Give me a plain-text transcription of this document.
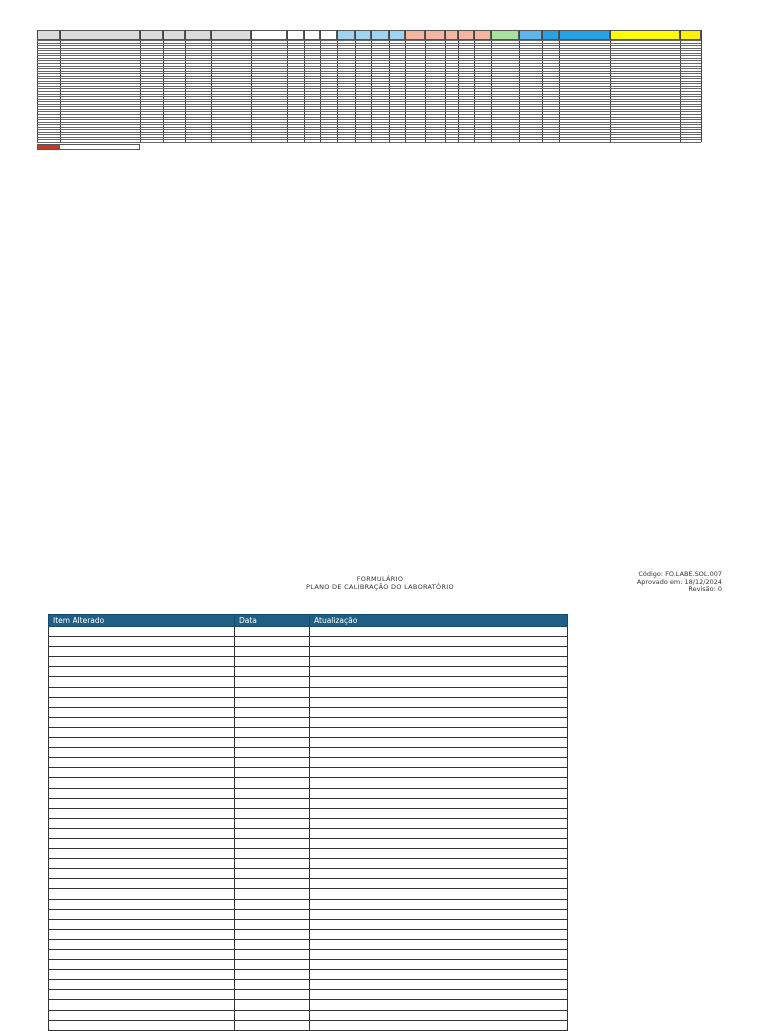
FORMULÁRIO
PLANO DE CALIBRAÇÃO DO LABORATÓRIO
Código: FO.LABE.SOL.007
Aprovado em: 18/12/2024
Revisão: 0
Item Alterado	Data	Atualização
